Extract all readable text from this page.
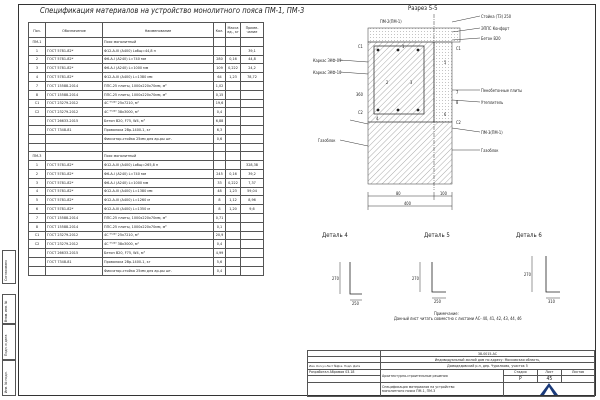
Согласовано
Взам. инв. №
Подп. и дата
Инв. № подл.
Спецификация материалов на устройство монолитного пояса ПМ-1, ПМ-3
Поз.	Обозначение	Наименование	Кол.	Масса ед., кг	Приме-чание
ПМ-1		Пояс монолитный			
1	ГОСТ 5781-82*	Ф12-А-III (А400) Lобщ=44,8 п			39,1
2	ГОСТ 5781-82*	Ф6-А-I (А240) L=740 мм	280	0,16	44,8
3	ГОСТ 5781-82*	Ф6-А-I (А240) L=1000 мм	109	0,222	24,2
4	ГОСТ 5781-82*	Ф12-А-III (А400) L=1380 мм	64	1,23	78,72
7	ГОСТ 15588-2014	ППС-25 плиты, 1000х220х70мм, м³	1,02		
8	ГОСТ 15588-2014	ППС-25 плиты, 1000х220х70мм, м³	0,15		
С1	ГОСТ 23279-2012	4С ⁶ᴬ²⁴⁰ 25х7210, м²	19,6		
С2	ГОСТ 23279-2012	4С ⁶ᴬ²⁴⁰ 38х3000, м²	0,4		
	ГОСТ 26633-2015	Бетон В20, F75, W4, м³	6,88		
	ГОСТ 7348-81	Проволока 2Вр-1400-1, кг	6,3		
		Фиксатор-стойка 25мм для ар-ры шт.	0,6		

ПМ-3		Пояс монолитный			
1	ГОСТ 5781-82*	Ф12-А-III (А400) Lобщ=265,8 п			328,38
2	ГОСТ 5781-82*	Ф6-А-I (А240) L=740 мм	245	0,16	39,2
3	ГОСТ 5781-82*	Ф6-А-I (А240) L=1000 мм	33	0,222	7,37
4	ГОСТ 5781-82*	Ф12-А-III (А400) L=1380 мм	48	1,23	59,04
5	ГОСТ 5781-82*	Ф12-А-III (А400) L=1260 м	8	1,12	8,96
6	ГОСТ 5781-82*	Ф12-А-III (А400) L=1350 м	8	1,20	9,6
7	ГОСТ 15588-2014	ППС-25 плиты, 1000х220х70мм, м³	0,71		
8	ГОСТ 15588-2014	ППС-25 плиты, 1000х220х70мм, м³	0,1		
С1	ГОСТ 23279-2012	4С ⁶ᴬ²⁴⁰ 25х7210, м²	20,9		
С2	ГОСТ 23279-2012	4С ⁶ᴬ²⁴⁰ 38х3000, м²	0,4		
	ГОСТ 26633-2015	Бетон В20, F75, W4, м³	4,99		
	ГОСТ 7348-81	Проволока 2Вр-1400-1, кг	5,6		
		Фиксатор-стойка 25мм для ар-ры шт.	0,4		
Разрез 5-5
ПМ-2(ПМ-1)
Стойка (ТЗ) 250
ЭППС Конфорт
Каркас ЗКФ-09-
Каркас ЗКФ-10
Бетон В20
Пенобетонные плиты
Утеплитель
ПМ-3(ПМ-1)
Газоблок
Газоблок
100
80
400
360
1
2	3
4
5
6
7
8
С1
С2
С1
С2
Деталь 4	Деталь 5	Деталь 6
270
250
270
250
270
310
Примечание:
Данный лист читать совместно с листами АС- 40, 41, 42, 43, 44, 46
	38-0015-АС			
	Индивидуальный жилой дом по адресу: Московская область,			
Изм. Кол.уч Лист №Док. Подп. Дата	Домодедовский р-н, дер. Чурилково, участок 5			
Разработал Абрамов 03.18	Архитектурно-строительные решения	Стадия	Лист	Листов
		Р	45	
	Спецификация материалов на устройство
монолитного пояса ПМ-1, ПМ-3	
